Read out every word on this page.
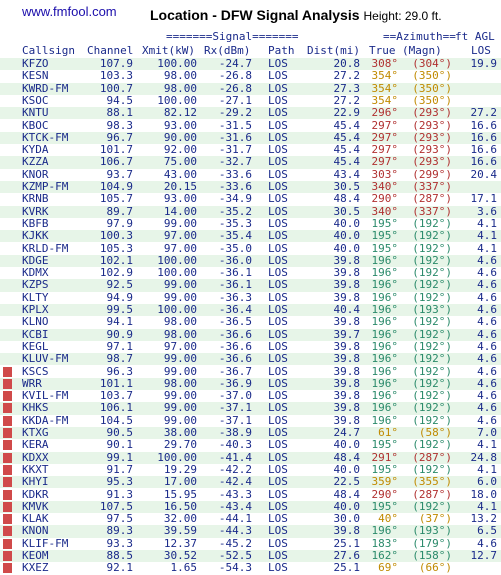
www.fmfool.com Location - DFW Signal Analysis Height: 29.0 ft.
=======Signal=======	==Azimuth== ft AGL
Callsign Channel Xmit(kW) Rx(dBm) Path Dist(mi) True (Magn)	LOS
KFZO	107.9	100.00	-24.7 LOS	20.8	308°	(304°)	19.9
KESN	103.3	98.00	-26.8 LOS	27.2	354°	(350°)
KWRD-FM	100.7	98.00	-26.8 LOS	27.3	354°	(350°)
KSOC	94.5	100.00	-27.1 LOS	27.2	354°	(350°)
KNTU	88.1	82.12	-29.2 LOS	22.9	296°	(293°)	27.2
KBOC	98.3	93.00	-31.5 LOS	45.4	297°	(293°)	16.6
KTCK-FM	96.7	90.00	-31.6 LOS	45.4	297°	(293°)	16.6
KYDA	101.7	92.00	-31.7 LOS	45.4	297°	(293°)	16.6
KZZA	106.7	75.00	-32.7 LOS	45.4	297°	(293°)	16.6
KNOR	93.7	43.00	-33.6 LOS	43.4	303°	(299°)	20.4
KZMP-FM	104.9	20.15	-33.6 LOS	30.5	340°	(337°)
KRNB	105.7	93.00	-34.9 LOS	48.4	290°	(287°)	17.1
KVRK	89.7	14.00	-35.2 LOS	30.5	340°	(337°)	3.6
KBFB	97.9	99.00	-35.3 LOS	40.0	195°	(192°)	4.1
KJKK	100.3	97.00	-35.4 LOS	40.0	195°	(192°)	4.1
KRLD-FM	105.3	97.00	-35.0 LOS	40.0	195°	(192°)	4.1
KDGE	102.1	100.00	-36.0 LOS	39.8	196°	(192°)	4.6
KDMX	102.9	100.00	-36.1 LOS	39.8	196°	(192°)	4.6
KZPS	92.5	99.00	-36.1 LOS	39.8	196°	(192°)	4.6
KLTY	94.9	99.00	-36.3 LOS	39.8	196°	(192°)	4.6
KPLX	99.5	100.00	-36.4 LOS	40.4	196°	(193°)	4.6
KLNO	94.1	98.00	-36.5 LOS	39.8	196°	(192°)	4.6
KCBI	90.9	98.00	-36.6 LOS	39.7	196°	(192°)	4.6
KEGL	97.1	97.00	-36.6 LOS	39.8	196°	(192°)	4.6
KLUV-FM	98.7	99.00	-36.6 LOS	39.8	196°	(192°)	4.6
KSCS	96.3	99.00	-36.7 LOS	39.8	196°	(192°)	4.6
WRR	101.1	98.00	-36.9 LOS	39.8	196°	(192°)	4.6
KVIL-FM	103.7	99.00	-37.0 LOS	39.8	196°	(192°)	4.6
KHKS	106.1	99.00	-37.1 LOS	39.8	196°	(192°)	4.6
KKDA-FM	104.5	99.00	-37.1 LOS	39.8	196°	(192°)	4.6
KTXG	90.5	38.00	-38.9 LOS	24.7	61°	(58°)	7.0
KERA	90.1	29.70	-40.3 LOS	40.0	195°	(192°)	4.1
KDXX	99.1	100.00	-41.4 LOS	48.4	291°	(287°)	24.8
KKXT	91.7	19.29	-42.2 LOS	40.0	195°	(192°)	4.1
KHYI	95.3	17.00	-42.4 LOS	22.5	359°	(355°)	6.0
KDKR	91.3	15.95	-43.3 LOS	48.4	290°	(287°)	18.0
KMVK	107.5	16.50	-43.4 LOS	40.0	195°	(192°)	4.1
KLAK	97.5	32.00	-44.1 LOS	30.0	40°	(37°)	13.2
KNON	89.3	39.59	-44.3 LOS	39.8	196°	(193°)	6.5
KLIF-FM	93.3	12.37	-45.2 LOS	25.1	183°	(179°)	4.6
KEOM	88.5	30.52	-52.5 LOS	27.6	162°	(158°)	12.7
KXEZ	92.1	1.65	-54.3 LOS	25.1	69°	(66°)
